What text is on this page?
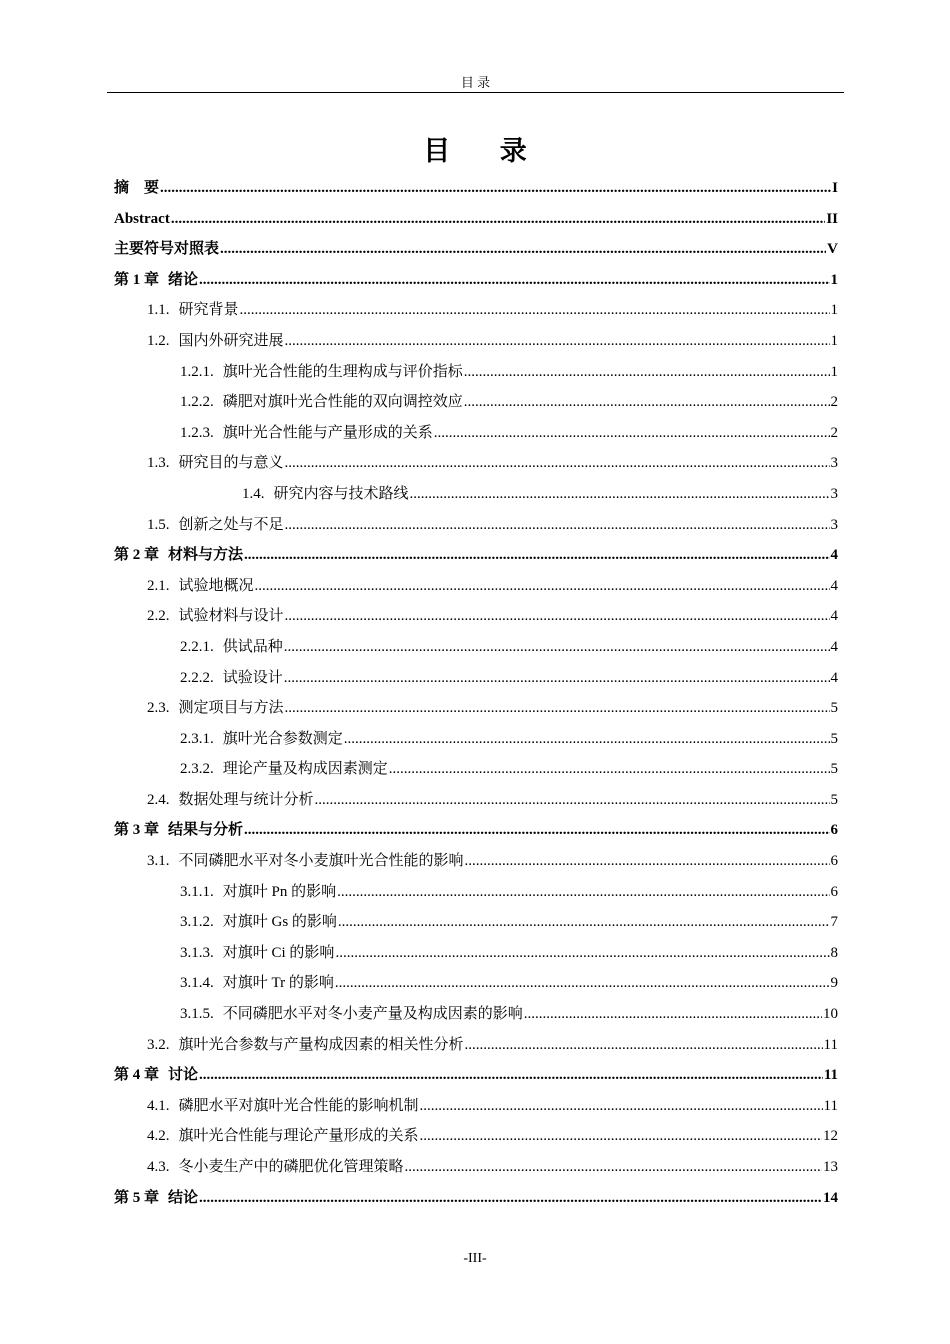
目 录
目 录
摘　要 .....	I
Abstract .....	II
主要符号对照表 .....	V
第 1 章 绪论 .....	1
1.1. 研究背景 .....	1
1.2. 国内外研究进展 .....	1
1.2.1. 旗叶光合性能的生理构成与评价指标 .....	1
1.2.2. 磷肥对旗叶光合性能的双向调控效应 .....	2
1.2.3. 旗叶光合性能与产量形成的关系 .....	2
1.3. 研究目的与意义 .....	3
1.4. 研究内容与技术路线 .....	3
1.5. 创新之处与不足 .....	3
第 2 章 材料与方法 .....	4
2.1. 试验地概况 .....	4
2.2. 试验材料与设计 .....	4
2.2.1. 供试品种 .....	4
2.2.2. 试验设计 .....	4
2.3. 测定项目与方法 .....	5
2.3.1. 旗叶光合参数测定 .....	5
2.3.2. 理论产量及构成因素测定 .....	5
2.4. 数据处理与统计分析 .....	5
第 3 章 结果与分析 .....	6
3.1. 不同磷肥水平对冬小麦旗叶光合性能的影响 .....	6
3.1.1. 对旗叶 Pn 的影响 .....	6
3.1.2. 对旗叶 Gs 的影响 .....	7
3.1.3. 对旗叶 Ci 的影响 .....	8
3.1.4. 对旗叶 Tr 的影响 .....	9
3.1.5. 不同磷肥水平对冬小麦产量及构成因素的影响 .....	10
3.2. 旗叶光合参数与产量构成因素的相关性分析 .....	11
第 4 章 讨论 .....	11
4.1. 磷肥水平对旗叶光合性能的影响机制 .....	11
4.2. 旗叶光合性能与理论产量形成的关系 .....	12
4.3. 冬小麦生产中的磷肥优化管理策略 .....	13
第 5 章 结论 .....	14
-III-
